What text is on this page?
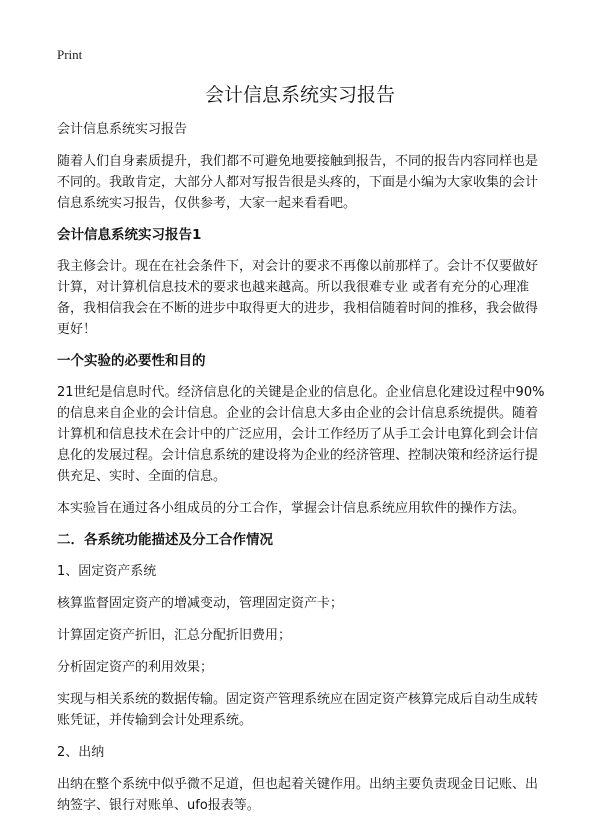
Print
会计信息系统实习报告

会计信息系统实习报告

随着人们自身素质提升，我们都不可避免地要接触到报告，不同的报告内容同样也是不同的。我敢肯定，大部分人都对写报告很是头疼的，下面是小编为大家收集的会计信息系统实习报告，仅供参考，大家一起来看看吧。

会计信息系统实习报告1

我主修会计。现在在社会条件下，对会计的要求不再像以前那样了。会计不仅要做好计算，对计算机信息技术的要求也越来越高。所以我很难专业 或者有充分的心理准备，我相信我会在不断的进步中取得更大的进步，我相信随着时间的推移，我会做得更好！

一个实验的必要性和目的

21世纪是信息时代。经济信息化的关键是企业的信息化。企业信息化建设过程中90%的信息来自企业的会计信息。企业的会计信息大多由企业的会计信息系统提供。随着计算机和信息技术在会计中的广泛应用，会计工作经历了从手工会计电算化到会计信息化的发展过程。会计信息系统的建设将为企业的经济管理、控制决策和经济运行提供充足、实时、全面的信息。

本实验旨在通过各小组成员的分工合作，掌握会计信息系统应用软件的操作方法。

二．各系统功能描述及分工合作情况

1、固定资产系统

核算监督固定资产的增减变动，管理固定资产卡；

计算固定资产折旧，汇总分配折旧费用；

分析固定资产的利用效果；

实现与相关系统的数据传输。固定资产管理系统应在固定资产核算完成后自动生成转账凭证，并传输到会计处理系统。

2、出纳

出纳在整个系统中似乎微不足道，但也起着关键作用。出纳主要负责现金日记账、出纳签字、银行对账单、ufo报表等。
